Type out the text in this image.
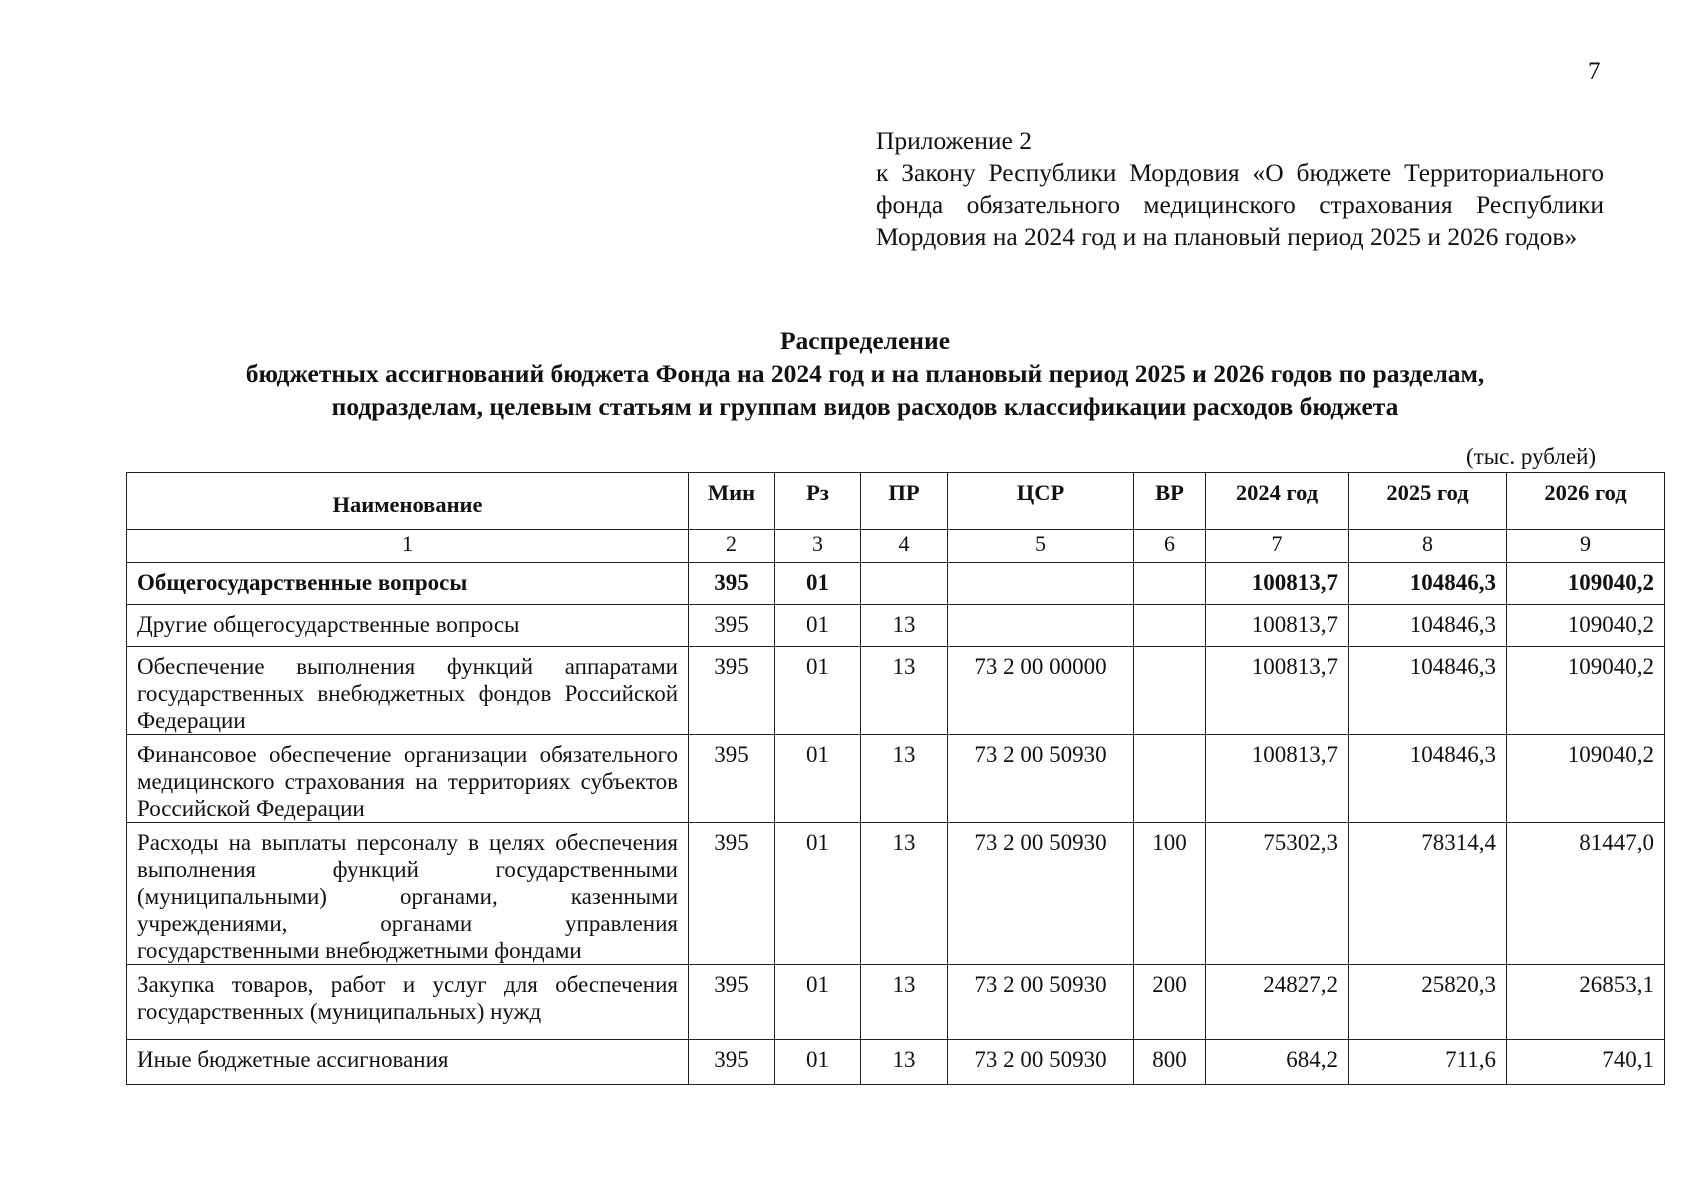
7
Приложение 2
к Закону Республики Мордовия «О бюджете Территориального фонда обязательного медицинского страхования Республики Мордовия на 2024 год и на плановый период 2025 и 2026 годов»
Распределение
бюджетных ассигнований бюджета Фонда на 2024 год и на плановый период 2025 и 2026 годов по разделам,
подразделам, целевым статьям и группам видов расходов классификации расходов бюджета
(тыс. рублей)
Наименование	Мин	Рз	ПР	ЦСР	ВР	2024 год	2025 год	2026 год
1	2	3	4	5	6	7	8	9
Общегосударственные вопросы	395	01				100813,7	104846,3	109040,2
Другие общегосударственные вопросы	395	01	13			100813,7	104846,3	109040,2
Обеспечение выполнения функций аппаратами государственных внебюджетных фондов Российской Федерации	395	01	13	73 2 00 00000		100813,7	104846,3	109040,2
Финансовое обеспечение организации обязательного медицинского страхования на территориях субъектов Российской Федерации	395	01	13	73 2 00 50930		100813,7	104846,3	109040,2
Расходы на выплаты персоналу в целях обеспечения выполнения функций государственными (муниципальными) органами, казенными учреждениями, органами управления государственными внебюджетными фондами	395	01	13	73 2 00 50930	100	75302,3	78314,4	81447,0
Закупка товаров, работ и услуг для обеспечения государственных (муниципальных) нужд	395	01	13	73 2 00 50930	200	24827,2	25820,3	26853,1
Иные бюджетные ассигнования	395	01	13	73 2 00 50930	800	684,2	711,6	740,1
